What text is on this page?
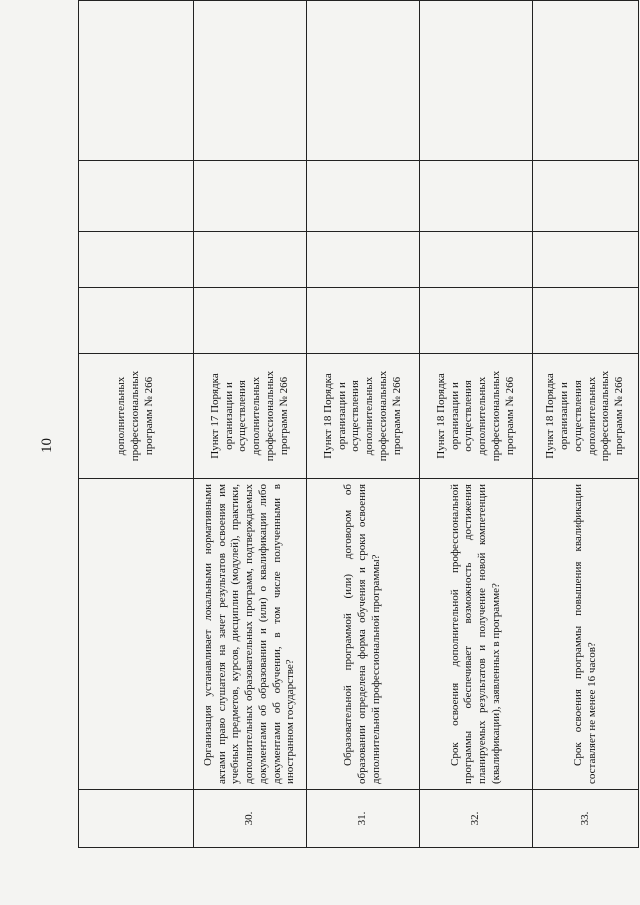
10
			дополнительных профессиональных программ № 266				
30.	Организация устанавливает локальными нормативными актами право слушателя на зачет результатов освоения им учебных предметов, курсов, дисциплин (модулей), практики, дополнительных образовательных программ, подтверждаемых документами об образовании и (или) о квалификации либо документами об обучении, в том числе полученными в иностранном государстве?	Пункт 17 Порядка организации и осуществления дополнительных профессиональных программ № 266				
31.	Образовательной программой (или) договором об образовании определена форма обучения и сроки освоения дополнительной профессиональной программы?	Пункт 18 Порядка организации и осуществления дополнительных профессиональных программ № 266				
32.	Срок освоения дополнительной профессиональной программы обеспечивает возможность достижения планируемых результатов и получение новой компетенции (квалификации), заявленных в программе?	Пункт 18 Порядка организации и осуществления дополнительных профессиональных программ № 266				
33.	Срок освоения программы повышения квалификации составляет не менее 16 часов?	Пункт 18 Порядка организации и осуществления дополнительных профессиональных программ № 266				
